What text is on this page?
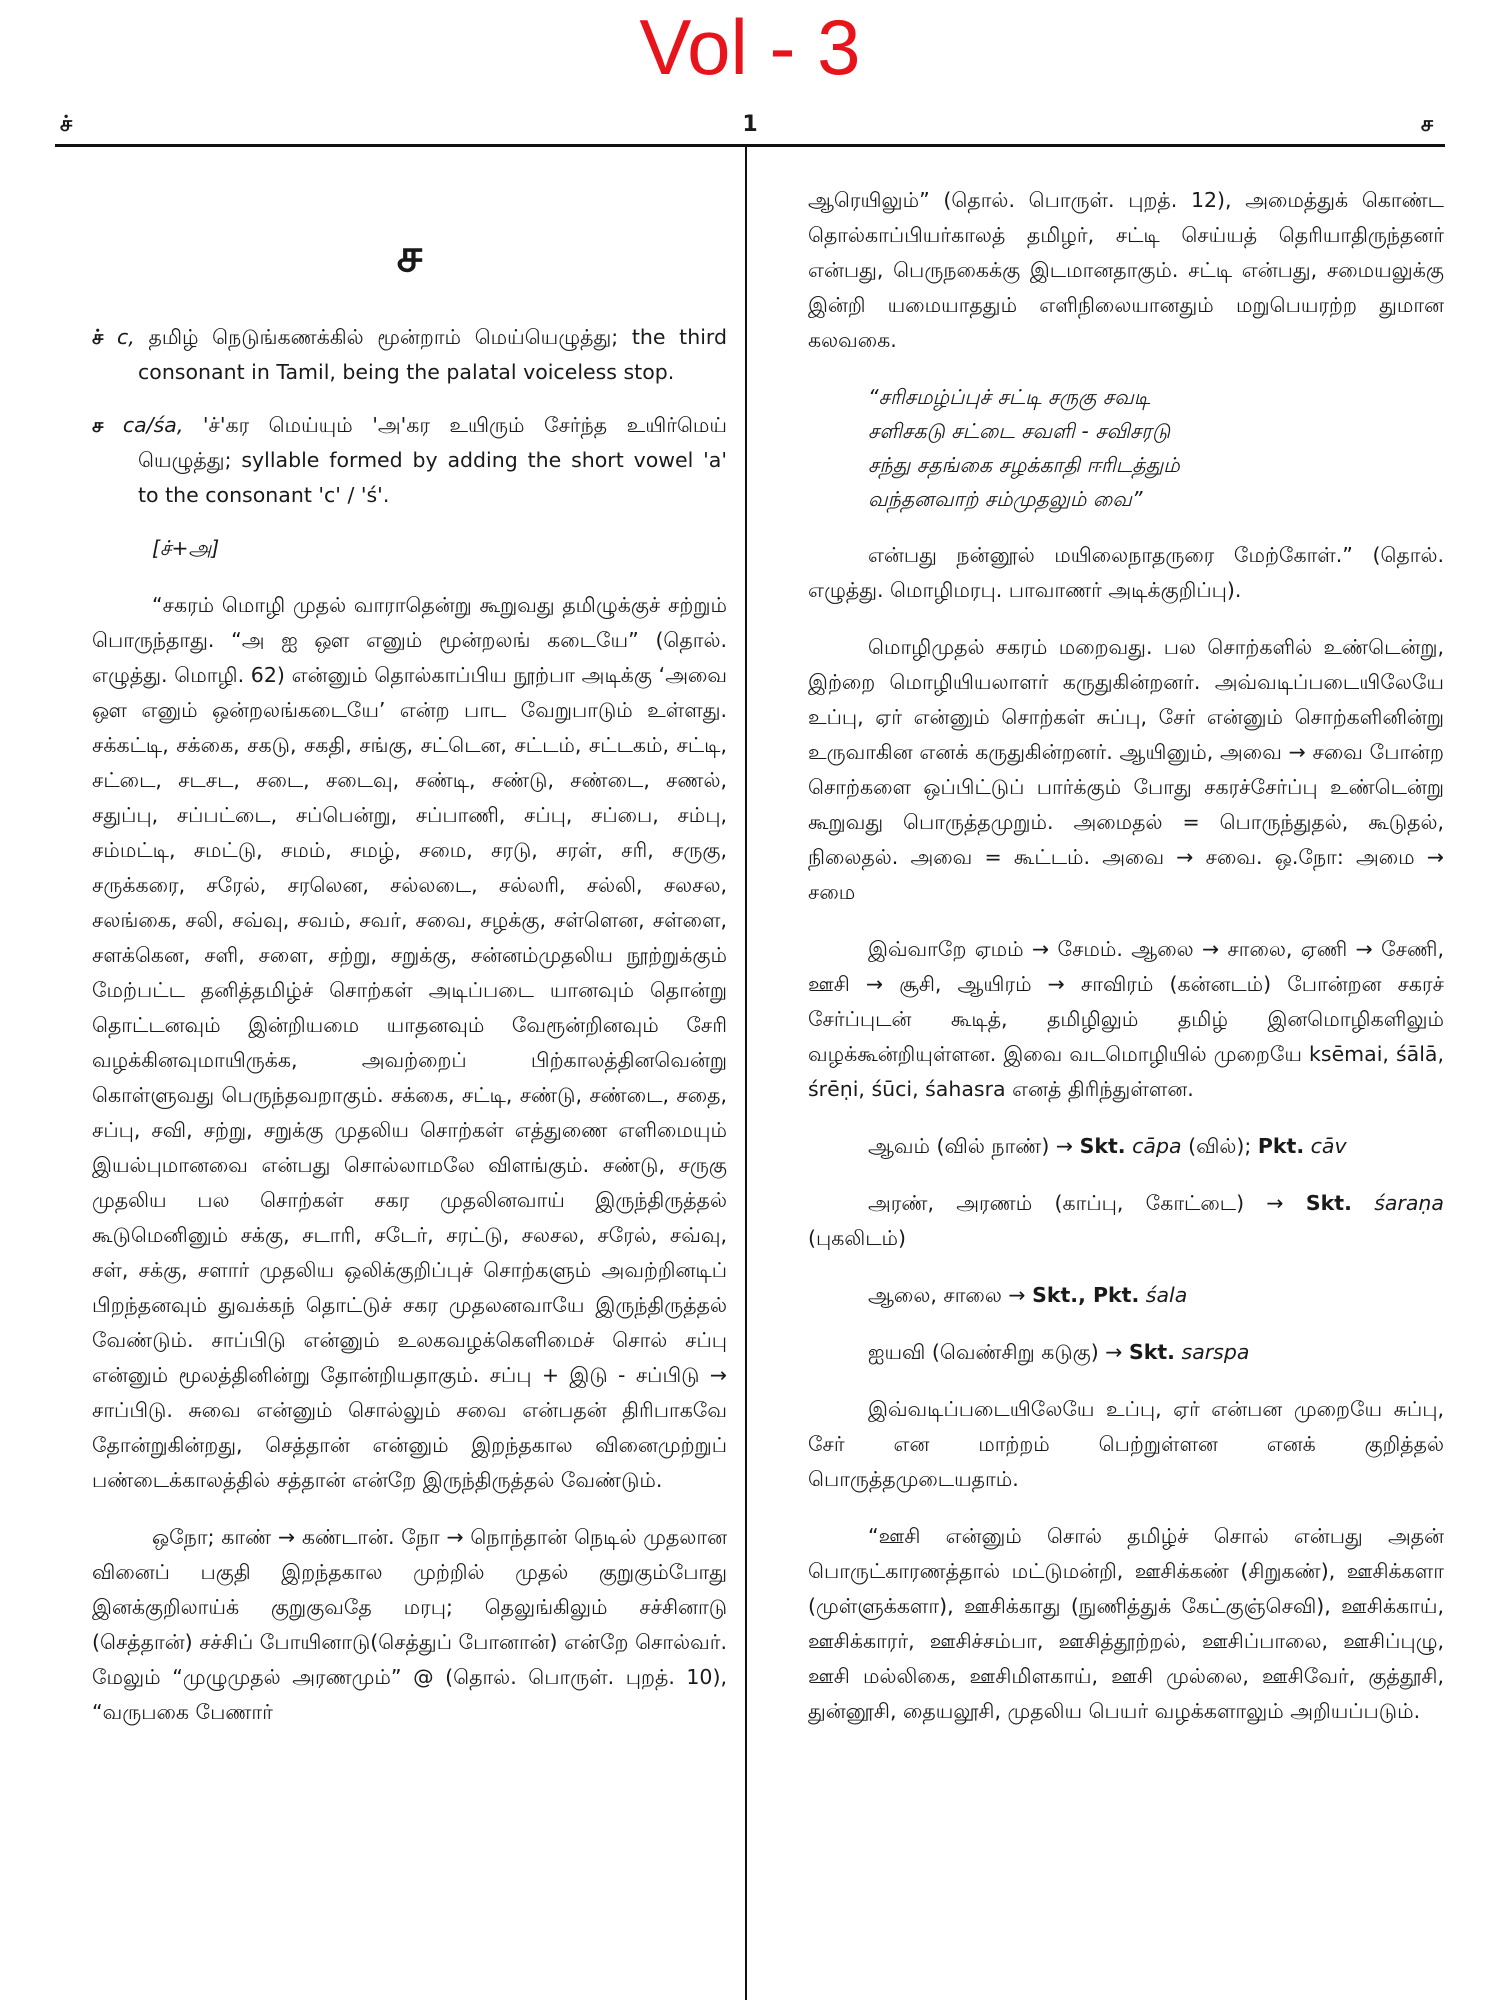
Vol - 3
ச்	1	ச
ச
ச் c, தமிழ் நெடுங்கணக்கில் மூன்றாம் மெய்யெழுத்து; the third consonant in Tamil, being the palatal voiceless stop.
ச ca/śa, 'ச்'கர மெய்யும் 'அ'கர உயிரும் சேர்ந்த உயிர்மெய் யெழுத்து; syllable formed by adding the short vowel 'a' to the consonant 'c' / 'ś'.
[ச்+அ]

“சகரம் மொழி முதல் வாராதென்று கூறுவது தமிழுக்குச் சற்றும் பொருந்தாது. “அ ஐ ஔ எனும் மூன்றலங் கடையே” (தொல். எழுத்து. மொழி. 62) என்னும் தொல்காப்பிய நூற்பா அடிக்கு ‘அவை ஔ எனும் ஒன்றலங்கடையே’ என்ற பாட வேறுபாடும் உள்ளது. சக்கட்டி, சக்கை, சகடு, சகதி, சங்கு, சட்டென, சட்டம், சட்டகம், சட்டி, சட்டை, சடசட, சடை, சடைவு, சண்டி, சண்டு, சண்டை, சணல், சதுப்பு, சப்பட்டை, சப்பென்று, சப்பாணி, சப்பு, சப்பை, சம்பு, சம்மட்டி, சமட்டு, சமம், சமழ், சமை, சரடு, சரள், சரி, சருகு, சருக்கரை, சரேல், சரலென, சல்லடை, சல்லரி, சல்லி, சலசல, சலங்கை, சலி, சவ்வு, சவம், சவர், சவை, சழக்கு, சள்ளென, சள்ளை, சளக்கென, சளி, சளை, சற்று, சறுக்கு, சன்னம்முதலிய நூற்றுக்கும் மேற்பட்ட தனித்தமிழ்ச் சொற்கள் அடிப்படை யானவும் தொன்று தொட்டனவும் இன்றியமை யாதனவும் வேரூன்றினவும் சேரி வழக்கினவுமாயிருக்க, அவற்றைப் பிற்காலத்தினவென்று கொள்ளுவது பெருந்தவறாகும். சக்கை, சட்டி, சண்டு, சண்டை, சதை, சப்பு, சவி, சற்று, சறுக்கு முதலிய சொற்கள் எத்துணை எளிமையும் இயல்புமானவை என்பது சொல்லாமலே விளங்கும். சண்டு, சருகு முதலிய பல சொற்கள் சகர முதலினவாய் இருந்திருத்தல் கூடுமெனினும் சக்கு, சடாரி, சடேர், சரட்டு, சலசல, சரேல், சவ்வு, சள், சக்கு, சளார் முதலிய ஒலிக்குறிப்புச் சொற்களும் அவற்றினடிப் பிறந்தனவும் துவக்கந் தொட்டுச் சகர முதலனவாயே இருந்திருத்தல் வேண்டும். சாப்பிடு என்னும் உலகவழக்கெளிமைச் சொல் சப்பு என்னும் மூலத்தினின்று தோன்றியதாகும். சப்பு + இடு - சப்பிடு → சாப்பிடு. சுவை என்னும் சொல்லும் சவை என்பதன் திரிபாகவே தோன்றுகின்றது, செத்தான் என்னும் இறந்தகால வினைமுற்றுப் பண்டைக்காலத்தில் சத்தான் என்றே இருந்திருத்தல் வேண்டும்.

ஒநோ; காண் → கண்டான். நோ → நொந்தான் நெடில் முதலான வினைப் பகுதி இறந்தகால முற்றில் முதல் குறுகும்போது இனக்குறிலாய்க் குறுகுவதே மரபு; தெலுங்கிலும் சச்சினாடு (செத்தான்) சச்சிப் போயினாடு(செத்துப் போனான்) என்றே சொல்வர். மேலும் “முழுமுதல் அரணமும்” @ (தொல். பொருள். புறத். 10), “வருபகை பேணார்

ஆரெயிலும்” (தொல். பொருள். புறத். 12), அமைத்துக் கொண்ட தொல்காப்பியர்காலத் தமிழர், சட்டி செய்யத் தெரியாதிருந்தனர் என்பது, பெருநகைக்கு இடமானதாகும். சட்டி என்பது, சமையலுக்கு இன்றி யமையாததும் எளிநிலையானதும் மறுபெயரற்ற துமான கலவகை.

“சரிசமழ்ப்புச் சட்டி சருகு சவடி
சளிசகடு சட்டை சவளி - சவிசரடு
சந்து சதங்கை சழக்காதி ஈரிடத்தும்
வந்தனவாற் சம்முதலும் வை”

என்பது நன்னூல் மயிலைநாதருரை மேற்கோள்.” (தொல். எழுத்து. மொழிமரபு. பாவாணர் அடிக்குறிப்பு).

மொழிமுதல் சகரம் மறைவது. பல சொற்களில் உண்டென்று, இற்றை மொழியியலாளர் கருதுகின்றனர். அவ்வடிப்படையிலேயே உப்பு, ஏர் என்னும் சொற்கள் சுப்பு, சேர் என்னும் சொற்களினின்று உருவாகின எனக் கருதுகின்றனர். ஆயினும், அவை → சவை போன்ற சொற்களை ஒப்பிட்டுப் பார்க்கும் போது சகரச்சேர்ப்பு உண்டென்று கூறுவது பொருத்தமுறும். அமைதல் = பொருந்துதல், கூடுதல், நிலைதல். அவை = கூட்டம். அவை → சவை. ஒ.நோ: அமை → சமை

இவ்வாறே ஏமம் → சேமம். ஆலை → சாலை, ஏணி → சேணி, ஊசி → சூசி, ஆயிரம் → சாவிரம் (கன்னடம்) போன்றன சகரச் சேர்ப்புடன் கூடித், தமிழிலும் தமிழ் இனமொழிகளிலும் வழக்கூன்றியுள்ளன. இவை வடமொழியில் முறையே ksēmai, śālā, śrēṇi, śūci, śahasra எனத் திரிந்துள்ளன.

ஆவம் (வில் நாண்) → Skt. cāpa (வில்); Pkt. cāv

அரண், அரணம் (காப்பு, கோட்டை) → Skt. śaraṇa (புகலிடம்)

ஆலை, சாலை → Skt., Pkt. śala

ஐயவி (வெண்சிறு கடுகு) → Skt. sarspa

இவ்வடிப்படையிலேயே உப்பு, ஏர் என்பன முறையே சுப்பு, சேர் என மாற்றம் பெற்றுள்ளன எனக் குறித்தல் பொருத்தமுடையதாம்.

“ஊசி என்னும் சொல் தமிழ்ச் சொல் என்பது அதன் பொருட்காரணத்தால் மட்டுமன்றி, ஊசிக்கண் (சிறுகண்), ஊசிக்களா (முள்ளுக்களா), ஊசிக்காது (நுணித்துக் கேட்குஞ்செவி), ஊசிக்காய், ஊசிக்காரர், ஊசிச்சம்பா, ஊசித்தூற்றல், ஊசிப்பாலை, ஊசிப்புழு, ஊசி மல்லிகை, ஊசிமிளகாய், ஊசி முல்லை, ஊசிவேர், குத்தூசி, துன்னூசி, தையலூசி, முதலிய பெயர் வழக்களாலும் அறியப்படும்.
